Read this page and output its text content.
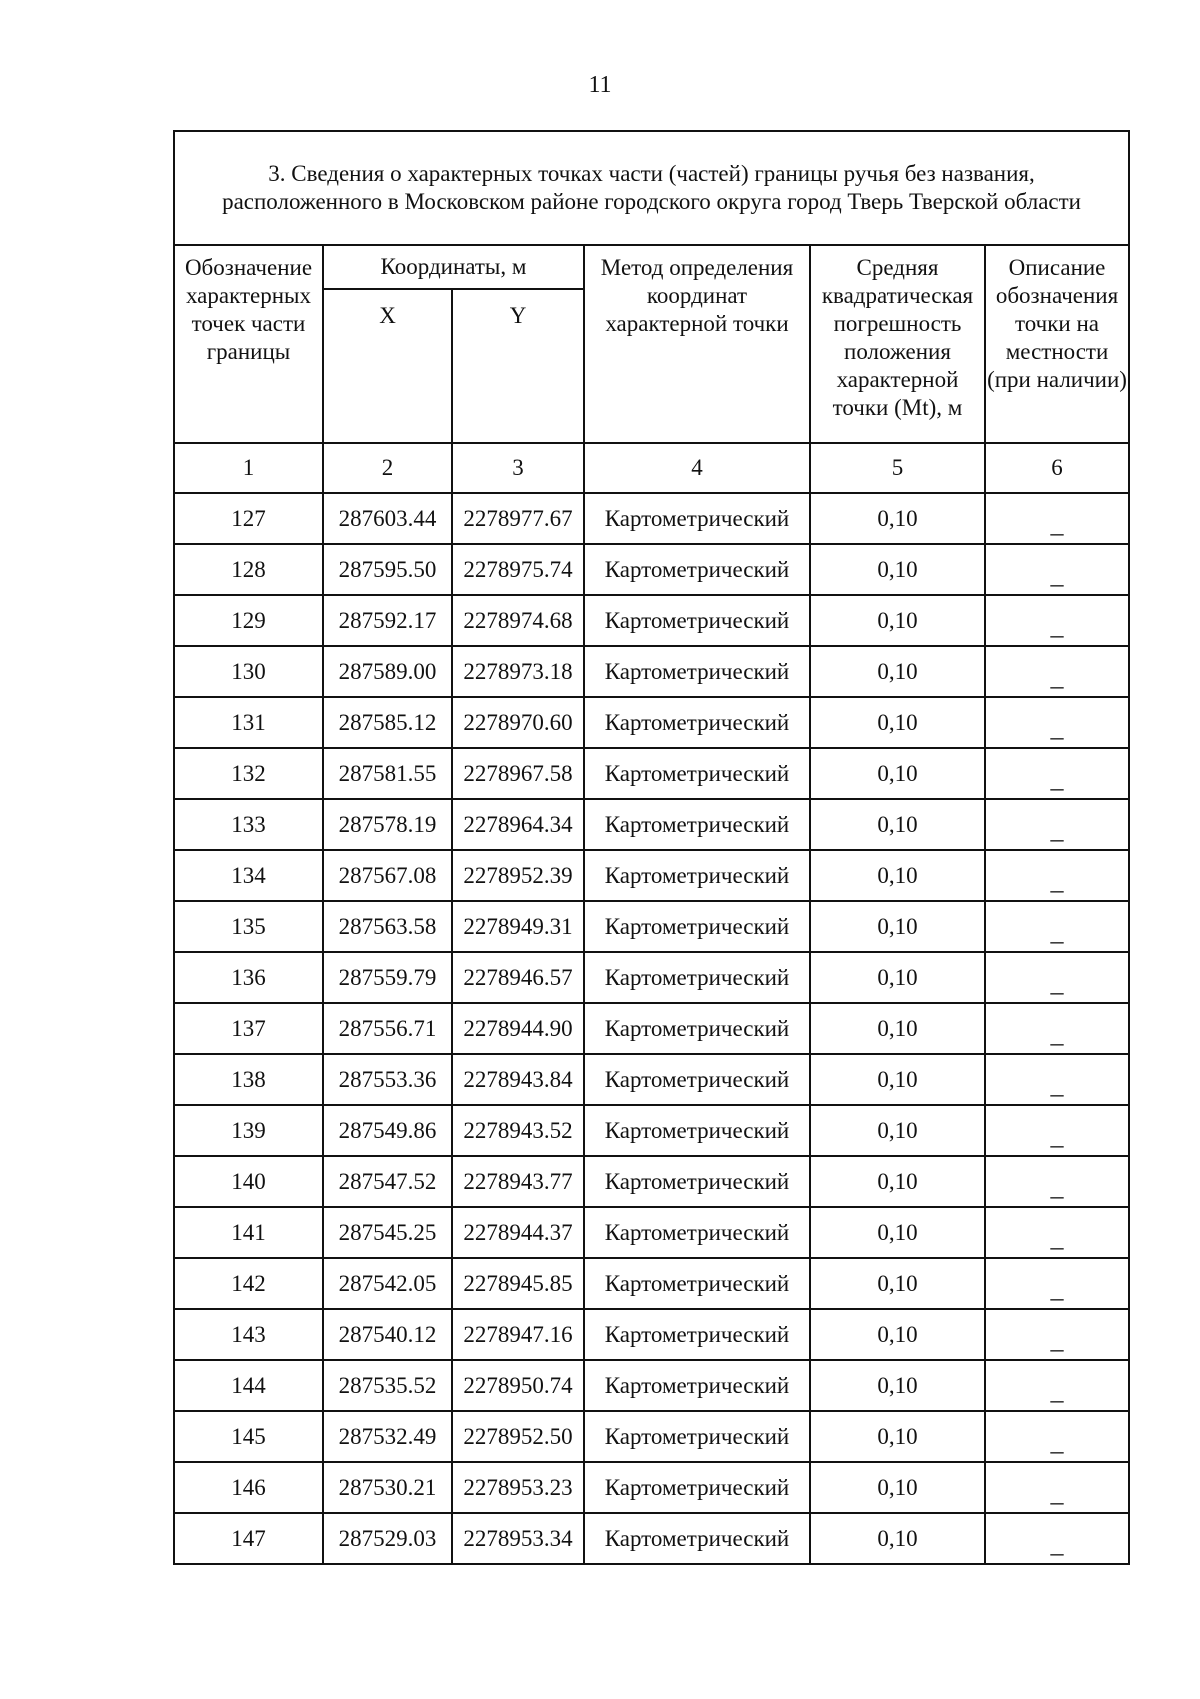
11
3. Сведения о характерных точках части (частей) границы ручья без названия, расположенного в Московском районе городского округа город Тверь Тверской области					
Обозначение характерных точек части границы	Координаты, м		Метод определения координат характерной точки	Средняя квадратическая погрешность положения характерной точки (Mt), м	Описание обозначения точки на местности (при наличии)
	X	Y			
1	2	3	4	5	6
127	287603.44	2278977.67	Картометрический	0,10	_
128	287595.50	2278975.74	Картометрический	0,10	_
129	287592.17	2278974.68	Картометрический	0,10	_
130	287589.00	2278973.18	Картометрический	0,10	_
131	287585.12	2278970.60	Картометрический	0,10	_
132	287581.55	2278967.58	Картометрический	0,10	_
133	287578.19	2278964.34	Картометрический	0,10	_
134	287567.08	2278952.39	Картометрический	0,10	_
135	287563.58	2278949.31	Картометрический	0,10	_
136	287559.79	2278946.57	Картометрический	0,10	_
137	287556.71	2278944.90	Картометрический	0,10	_
138	287553.36	2278943.84	Картометрический	0,10	_
139	287549.86	2278943.52	Картометрический	0,10	_
140	287547.52	2278943.77	Картометрический	0,10	_
141	287545.25	2278944.37	Картометрический	0,10	_
142	287542.05	2278945.85	Картометрический	0,10	_
143	287540.12	2278947.16	Картометрический	0,10	_
144	287535.52	2278950.74	Картометрический	0,10	_
145	287532.49	2278952.50	Картометрический	0,10	_
146	287530.21	2278953.23	Картометрический	0,10	_
147	287529.03	2278953.34	Картометрический	0,10	_
